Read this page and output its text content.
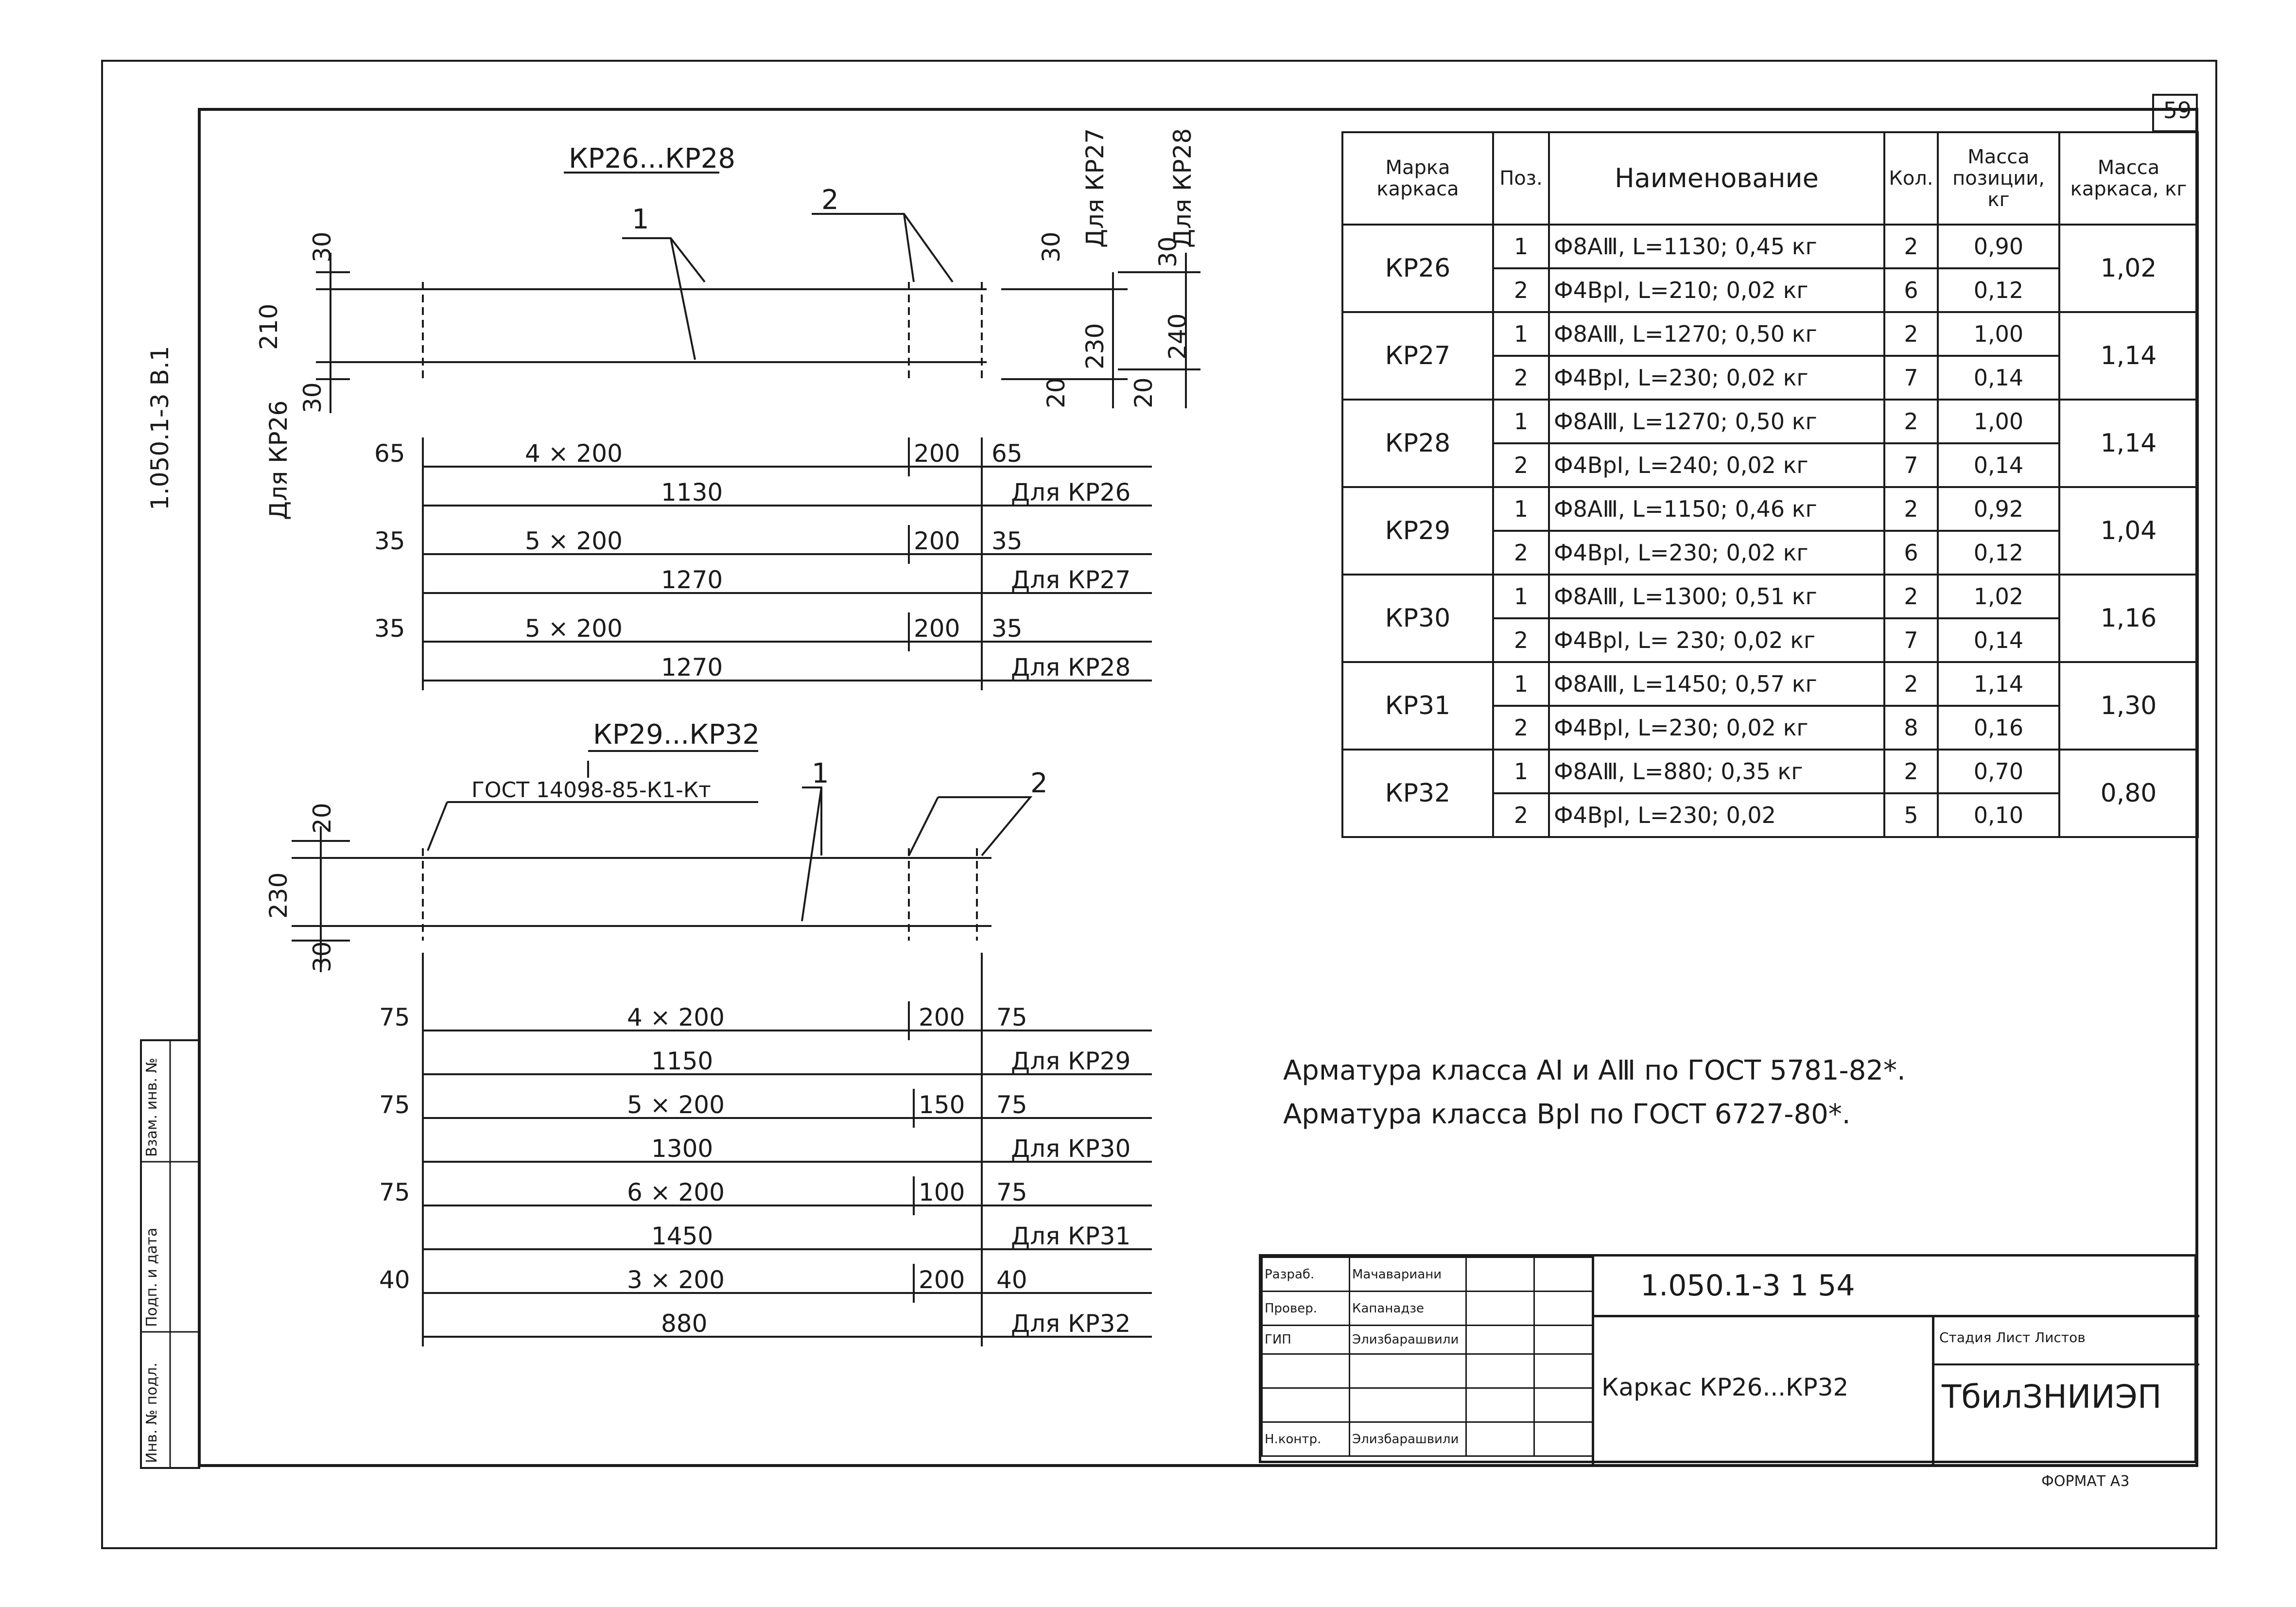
59
1.050.1-3 В.1
Инв. № подл.
Подп. и дата
Взам. инв. №
КР26...КР28
1
2
30
210
30
Для КР26
30
230
20
Для КР27
30
240
20
Для КР28
65	4 × 200	200 65
1130	Для КР26
35	5 × 200	200 35
1270	Для КР27
35	5 × 200	200 35
1270	Для КР28
КР29...КР32
ГОСТ 14098-85-К1-Кт
1	2
20
230
30
75	4 × 200	200 75
1150	Для КР29
75	5 × 200	150 75
1300	Для КР30
75	6 × 200	100 75
1450	Для КР31
40	3 × 200	200 40
880	Для КР32
Марка каркаса	Поз.	Наименование	Кол.	Масса позиции, кг	Масса каркаса, кг
КР26	1	Ф8АⅢ, L=1130; 0,45 кг	2	0,90	1,02
	2	Ф4ВрI, L=210; 0,02 кг	6	0,12	
КР27	1	Ф8АⅢ, L=1270; 0,50 кг	2	1,00	1,14
	2	Ф4ВрI, L=230; 0,02 кг	7	0,14	
КР28	1	Ф8АⅢ, L=1270; 0,50 кг	2	1,00	1,14
	2	Ф4ВрI, L=240; 0,02 кг	7	0,14	
КР29	1	Ф8АⅢ, L=1150; 0,46 кг	2	0,92	1,04
	2	Ф4ВрI, L=230; 0,02 кг	6	0,12	
КР30	1	Ф8АⅢ, L=1300; 0,51 кг	2	1,02	1,16
	2	Ф4ВрI, L= 230; 0,02 кг	7	0,14	
КР31	1	Ф8АⅢ, L=1450; 0,57 кг	2	1,14	1,30
	2	Ф4ВрI, L=230; 0,02 кг	8	0,16	
КР32	1	Ф8АⅢ, L=880; 0,35 кг	2	0,70	0,80
	2	Ф4ВрI, L=230; 0,02	5	0,10	
Арматура класса АI и АⅢ по ГОСТ 5781-82*.
Арматура класса ВрI по ГОСТ 6727-80*.
Разраб.	Мачавариани		
Провер.	Капанадзе		
ГИП	Элизбарашвили		

Н.контр.	Элизбарашвили		
1.050.1-3 1 54
Каркас КР26...КР32
Стадия Лист Листов
ТбилЗНИИЭП
ФОРМАТ А3
